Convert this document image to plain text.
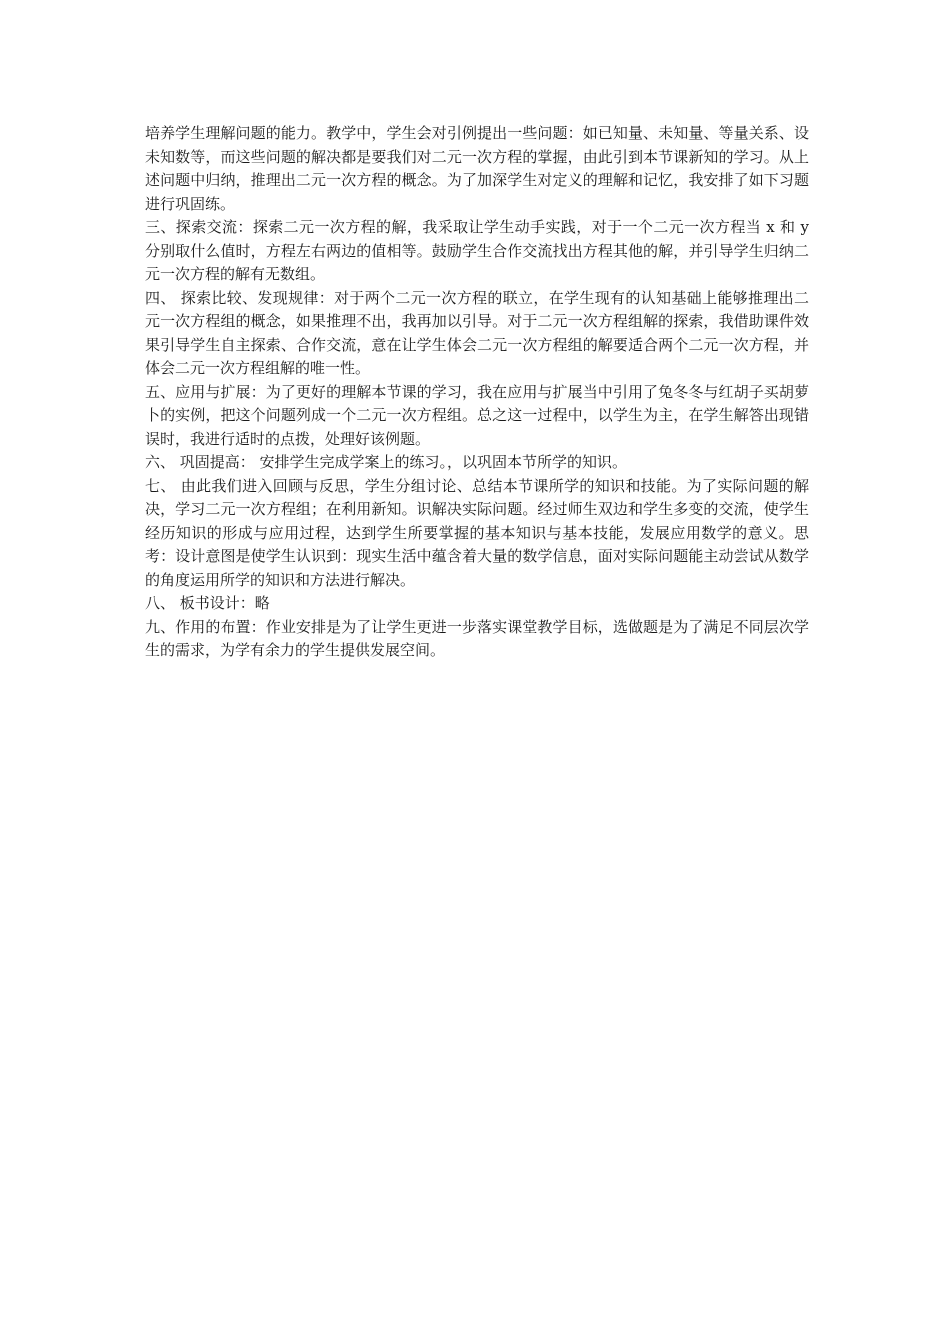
培养学生理解问题的能力。教学中，学生会对引例提出一些问题：如已知量、未知量、等量关系、设未知数等，而这些问题的解决都是要我们对二元一次方程的掌握，由此引到本节课新知的学习。从上述问题中归纳，推理出二元一次方程的概念。为了加深学生对定义的理解和记忆，我安排了如下习题进行巩固练。

三、探索交流：探索二元一次方程的解，我采取让学生动手实践，对于一个二元一次方程当 x 和 y 分别取什么值时，方程左右两边的值相等。鼓励学生合作交流找出方程其他的解，并引导学生归纳二元一次方程的解有无数组。

四、 探索比较、发现规律：对于两个二元一次方程的联立，在学生现有的认知基础上能够推理出二元一次方程组的概念，如果推理不出，我再加以引导。对于二元一次方程组解的探索，我借助课件效果引导学生自主探索、合作交流，意在让学生体会二元一次方程组的解要适合两个二元一次方程，并体会二元一次方程组解的唯一性。

五、应用与扩展：为了更好的理解本节课的学习，我在应用与扩展当中引用了兔冬冬与红胡子买胡萝卜的实例，把这个问题列成一个二元一次方程组。总之这一过程中，以学生为主，在学生解答出现错误时，我进行适时的点拨，处理好该例题。

六、 巩固提高： 安排学生完成学案上的练习。，以巩固本节所学的知识。

七、 由此我们进入回顾与反思，学生分组讨论、总结本节课所学的知识和技能。为了实际问题的解决，学习二元一次方程组；在利用新知。识解决实际问题。经过师生双边和学生多变的交流，使学生经历知识的形成与应用过程，达到学生所要掌握的基本知识与基本技能，发展应用数学的意义。思考：设计意图是使学生认识到：现实生活中蕴含着大量的数学信息，面对实际问题能主动尝试从数学的角度运用所学的知识和方法进行解决。

八、 板书设计：略

九、作用的布置：作业安排是为了让学生更进一步落实课堂教学目标，选做题是为了满足不同层次学生的需求，为学有余力的学生提供发展空间。
